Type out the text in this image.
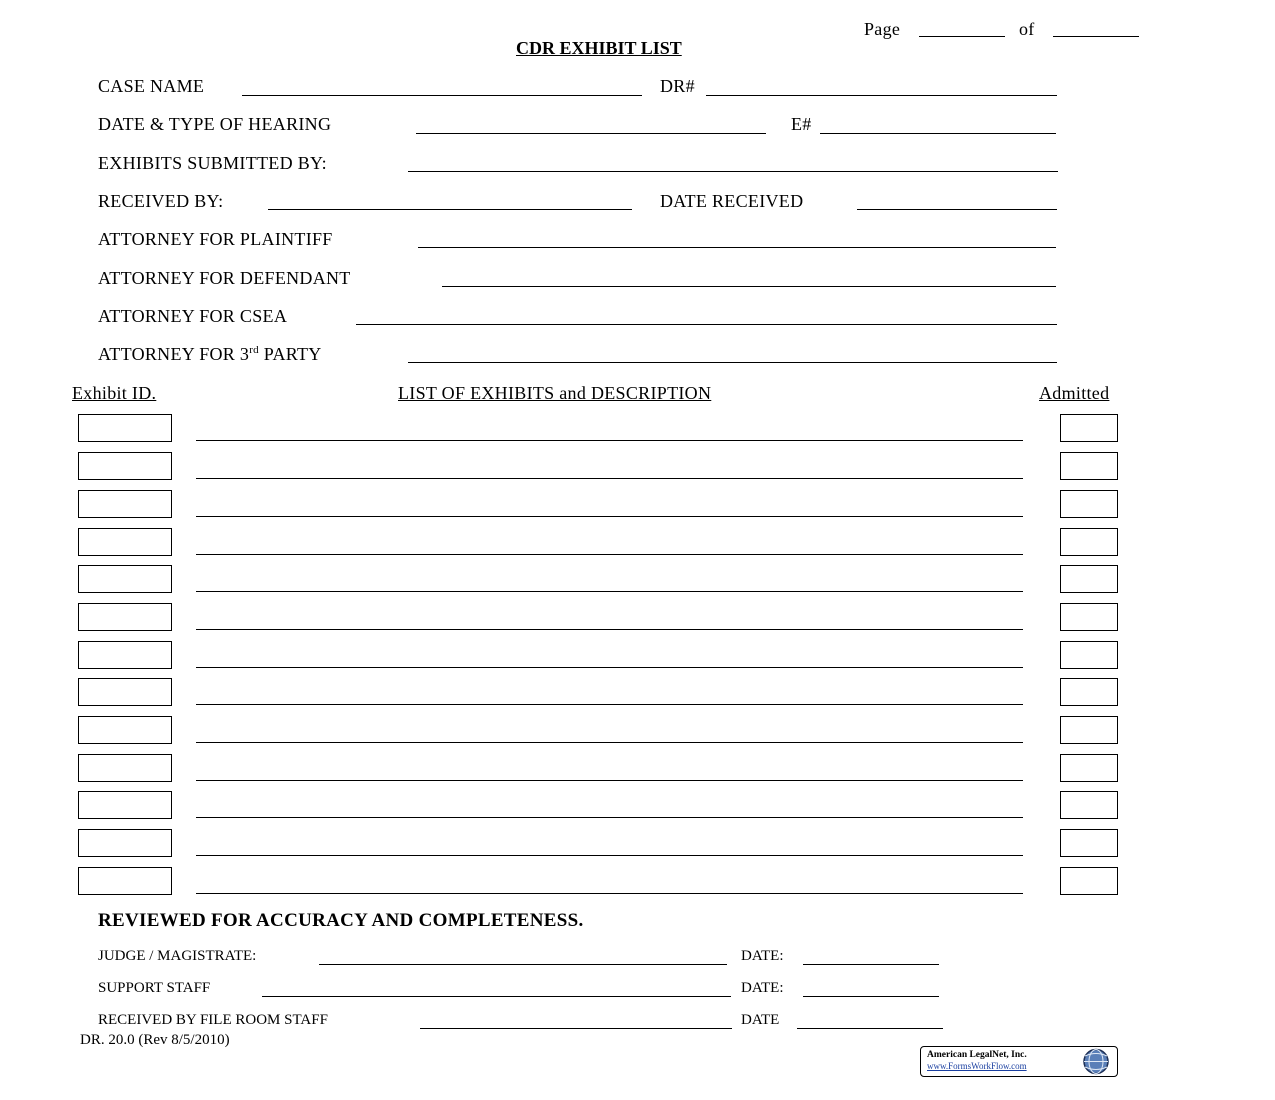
Page	of
CDR EXHIBIT LIST
CASE NAME	DR#
DATE & TYPE OF HEARING	E#
EXHIBITS SUBMITTED BY:
RECEIVED BY:	DATE RECEIVED
ATTORNEY FOR PLAINTIFF
ATTORNEY FOR DEFENDANT
ATTORNEY FOR CSEA
ATTORNEY FOR 3rd PARTY
Exhibit ID.	LIST OF EXHIBITS and DESCRIPTION	Admitted
REVIEWED FOR ACCURACY AND COMPLETENESS.
JUDGE / MAGISTRATE:	DATE:
SUPPORT STAFF	DATE:
RECEIVED BY FILE ROOM STAFF	DATE
DR. 20.0 (Rev 8/5/2010)
American LegalNet, Inc.
www.FormsWorkFlow.com
